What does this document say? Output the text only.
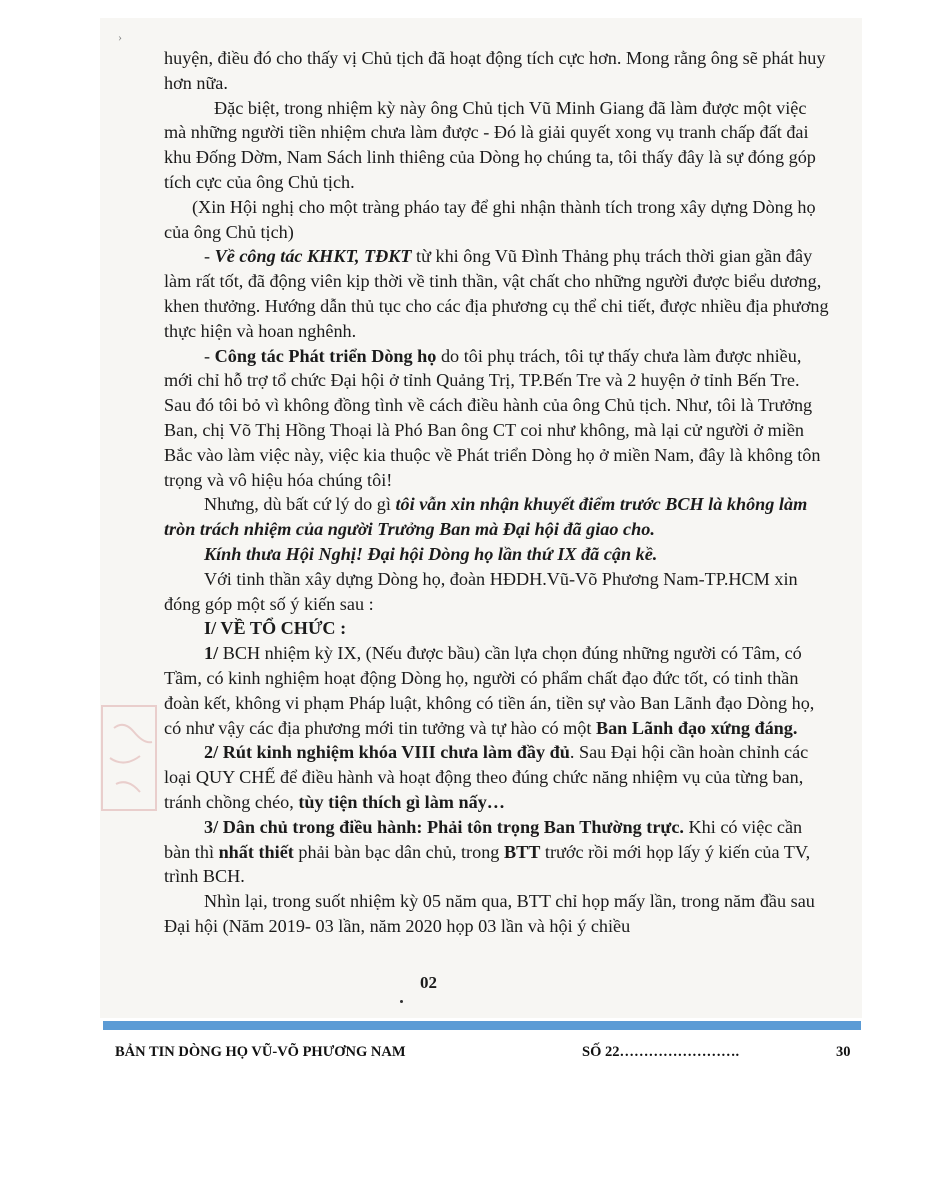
›

huyện, điều đó cho thấy vị Chủ tịch đã hoạt động tích cực hơn. Mong rằng ông sẽ phát huy hơn nữa.

Đặc biệt, trong nhiệm kỳ này ông Chủ tịch Vũ Minh Giang đã làm được một việc mà những người tiền nhiệm chưa làm được - Đó là giải quyết xong vụ tranh chấp đất đai khu Đống Dờm, Nam Sách linh thiêng của Dòng họ chúng ta, tôi thấy đây là sự đóng góp tích cực của ông Chủ tịch.

(Xin Hội nghị cho một tràng pháo tay để ghi nhận thành tích trong xây dựng Dòng họ của ông Chủ tịch)

- Về công tác KHKT, TĐKT từ khi ông Vũ Đình Thảng phụ trách thời gian gần đây làm rất tốt, đã động viên kịp thời về tinh thần, vật chất cho những người được biểu dương, khen thưởng. Hướng dẫn thủ tục cho các địa phương cụ thể chi tiết, được nhiều địa phương thực hiện và hoan nghênh.

- Công tác Phát triển Dòng họ do tôi phụ trách, tôi tự thấy chưa làm được nhiều, mới chỉ hỗ trợ tổ chức Đại hội ở tỉnh Quảng Trị, TP.Bến Tre và 2 huyện ở tỉnh Bến Tre. Sau đó tôi bỏ vì không đồng tình về cách điều hành của ông Chủ tịch. Như, tôi là Trưởng Ban, chị Võ Thị Hồng Thoại là Phó Ban ông CT coi như không, mà lại cử người ở miền Bắc vào làm việc này, việc kia thuộc về Phát triển Dòng họ ở miền Nam, đây là không tôn trọng và vô hiệu hóa chúng tôi!

Nhưng, dù bất cứ lý do gì tôi vẫn xin nhận khuyết điểm trước BCH là không làm tròn trách nhiệm của người Trưởng Ban mà Đại hội đã giao cho.

Kính thưa Hội Nghị! Đại hội Dòng họ lần thứ IX đã cận kề.

Với tinh thần xây dựng Dòng họ, đoàn HĐDH.Vũ-Võ Phương Nam-TP.HCM xin đóng góp một số ý kiến sau :

I/ VỀ TỔ CHỨC :

1/ BCH nhiệm kỳ IX, (Nếu được bầu) cần lựa chọn đúng những người có Tâm, có Tầm, có kinh nghiệm hoạt động Dòng họ, người có phẩm chất đạo đức tốt, có tinh thần đoàn kết, không vi phạm Pháp luật, không có tiền án, tiền sự vào Ban Lãnh đạo Dòng họ, có như vậy các địa phương mới tin tưởng và tự hào có một Ban Lãnh đạo xứng đáng.

2/ Rút kinh nghiệm khóa VIII chưa làm đầy đủ. Sau Đại hội cần hoàn chỉnh các loại QUY CHẾ để điều hành và hoạt động theo đúng chức năng nhiệm vụ của từng ban, tránh chồng chéo, tùy tiện thích gì làm nấy…

3/ Dân chủ trong điều hành: Phải tôn trọng Ban Thường trực. Khi có việc cần bàn thì nhất thiết phải bàn bạc dân chủ, trong BTT trước rồi mới họp lấy ý kiến của TV, trình BCH.

Nhìn lại, trong suốt nhiệm kỳ 05 năm qua, BTT chỉ họp mấy lần, trong năm đầu sau Đại hội (Năm 2019- 03 lần, năm 2020 họp 03 lần và hội ý chiều

02
BẢN TIN DÒNG HỌ VŨ-VÕ PHƯƠNG NAM	SỐ 22…………………….	30
